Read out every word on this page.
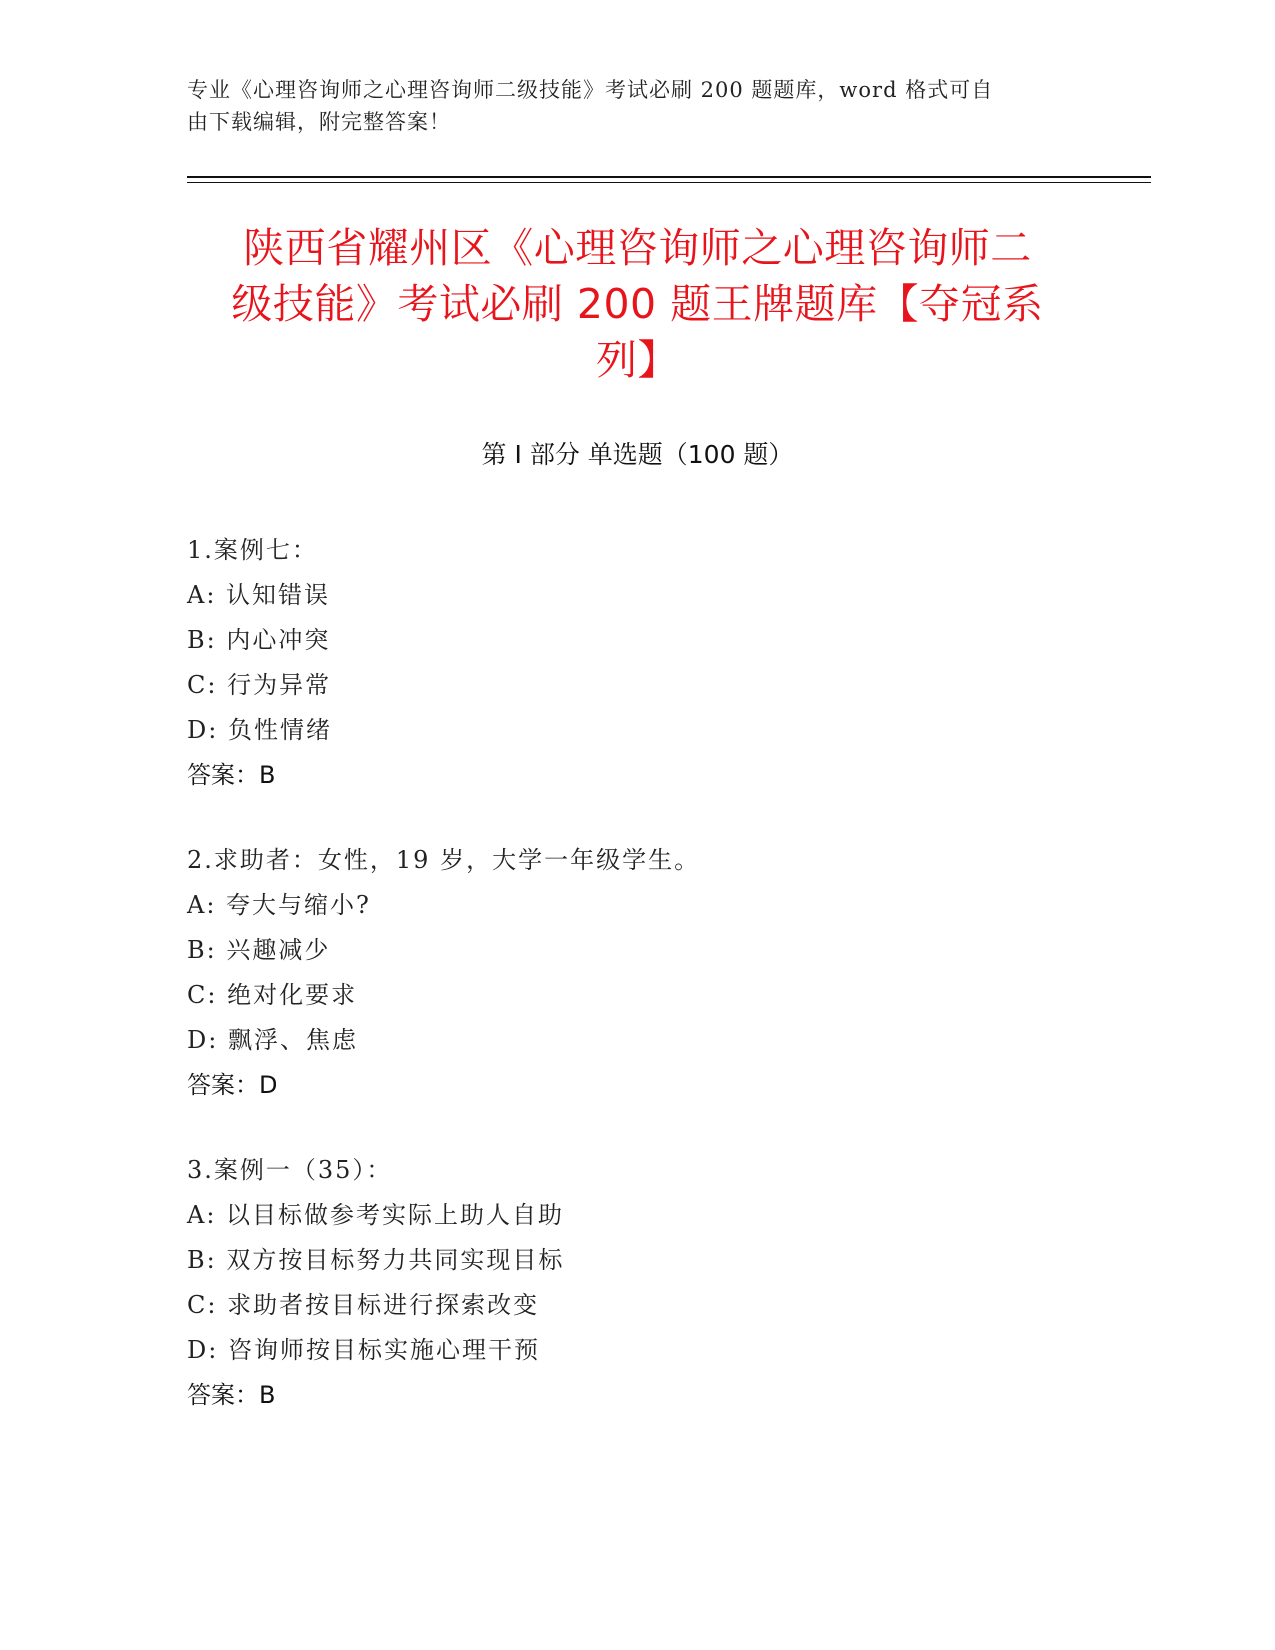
专业《心理咨询师之心理咨询师二级技能》考试必刷 200 题题库，word 格式可自
由下载编辑，附完整答案！
陕西省耀州区《心理咨询师之心理咨询师二
级技能》考试必刷 200 题王牌题库【夺冠系
列】
第 I 部分 单选题（100 题）
1.案例七：
A: 认知错误
B: 内心冲突
C: 行为异常
D: 负性情绪
答案：B
2.求助者：女性，19 岁，大学一年级学生。
A: 夸大与缩小?
B: 兴趣减少
C: 绝对化要求
D: 飘浮、焦虑
答案：D
3.案例一（35）：
A: 以目标做参考实际上助人自助
B: 双方按目标努力共同实现目标
C: 求助者按目标进行探索改变
D: 咨询师按目标实施心理干预
答案：B
